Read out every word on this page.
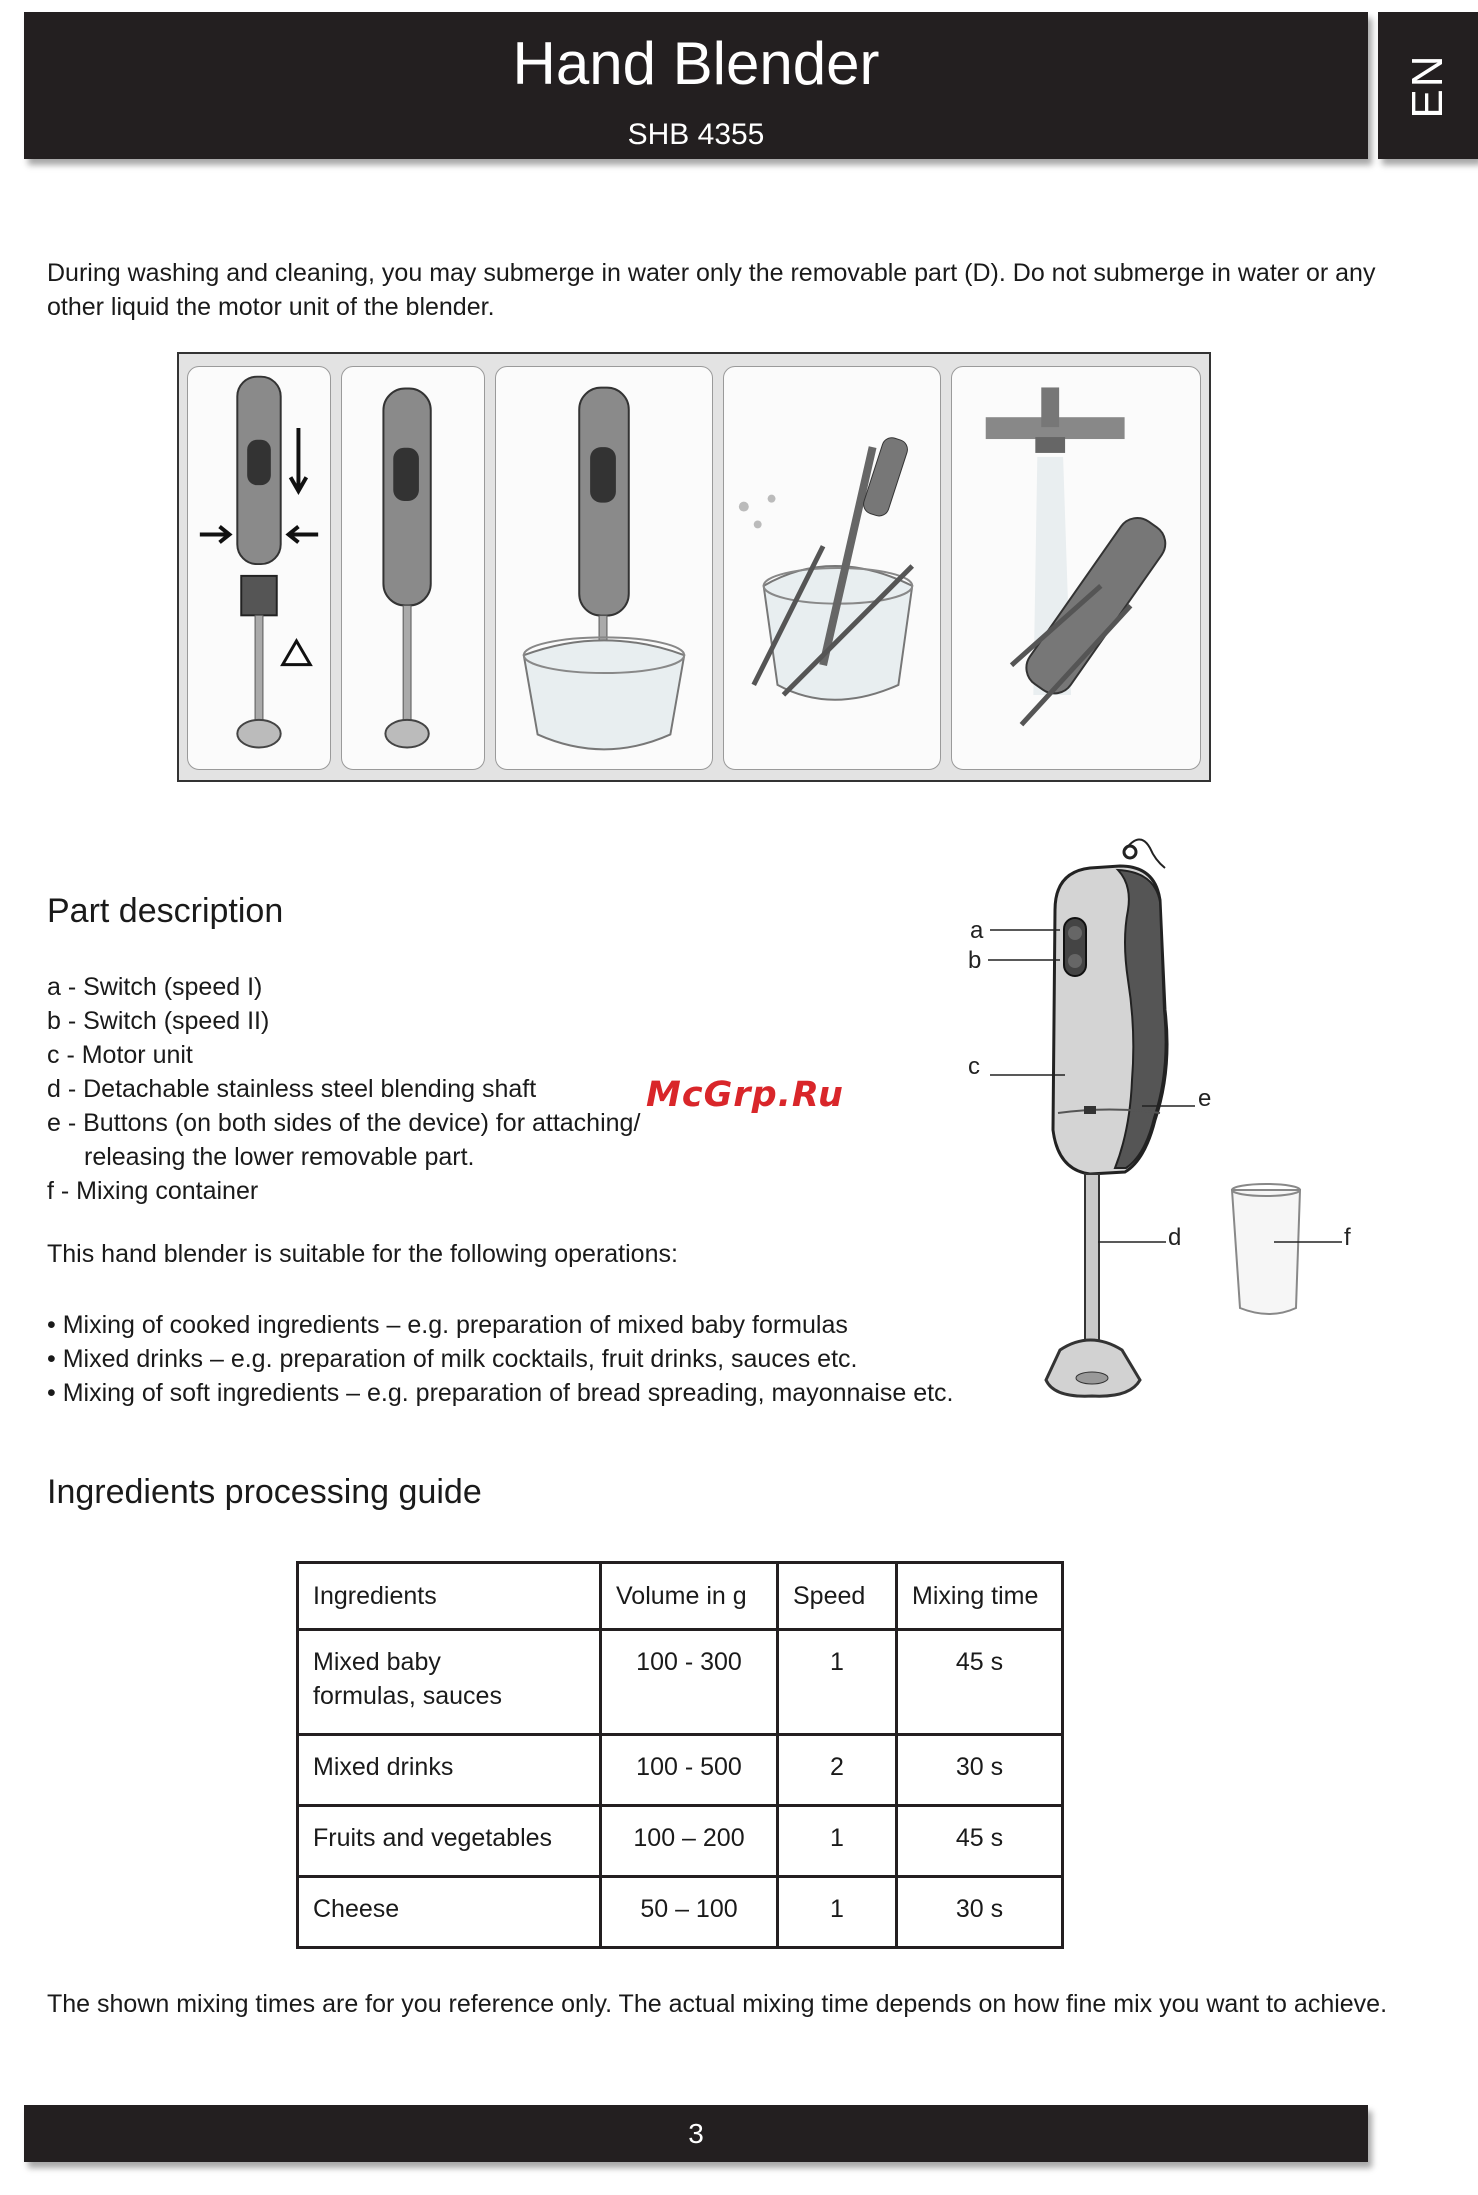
Hand Blender
SHB 4355
EN
During washing and cleaning, you may submerge in water only the removable part (D). Do not submerge in water or any other liquid the motor unit of the blender.
Part description
a - Switch (speed I)
b - Switch (speed II)
c - Motor unit
d - Detachable stainless steel blending shaft
e - Buttons (on both sides of the device) for attaching/
releasing the lower removable part.
f - Mixing container
This hand blender is suitable for the following operations:
• Mixing of cooked ingredients – e.g. preparation of mixed baby formulas
• Mixed drinks – e.g. preparation of milk cocktails, fruit drinks, sauces etc.
• Mixing of soft ingredients – e.g. preparation of bread spreading, mayonnaise etc.
a
b
c
d
e
f
McGrp.Ru
Ingredients processing guide
Ingredients	Volume in g	Speed	Mixing time

Mixed baby
formulas, sauces	100 - 300	1	45 s
Mixed drinks	100 - 500	2	30 s
Fruits and vegetables	100 – 200	1	45 s
Cheese	50 – 100	1	30 s
The shown mixing times are for you reference only. The actual mixing time depends on how fine mix you want to achieve.
3
